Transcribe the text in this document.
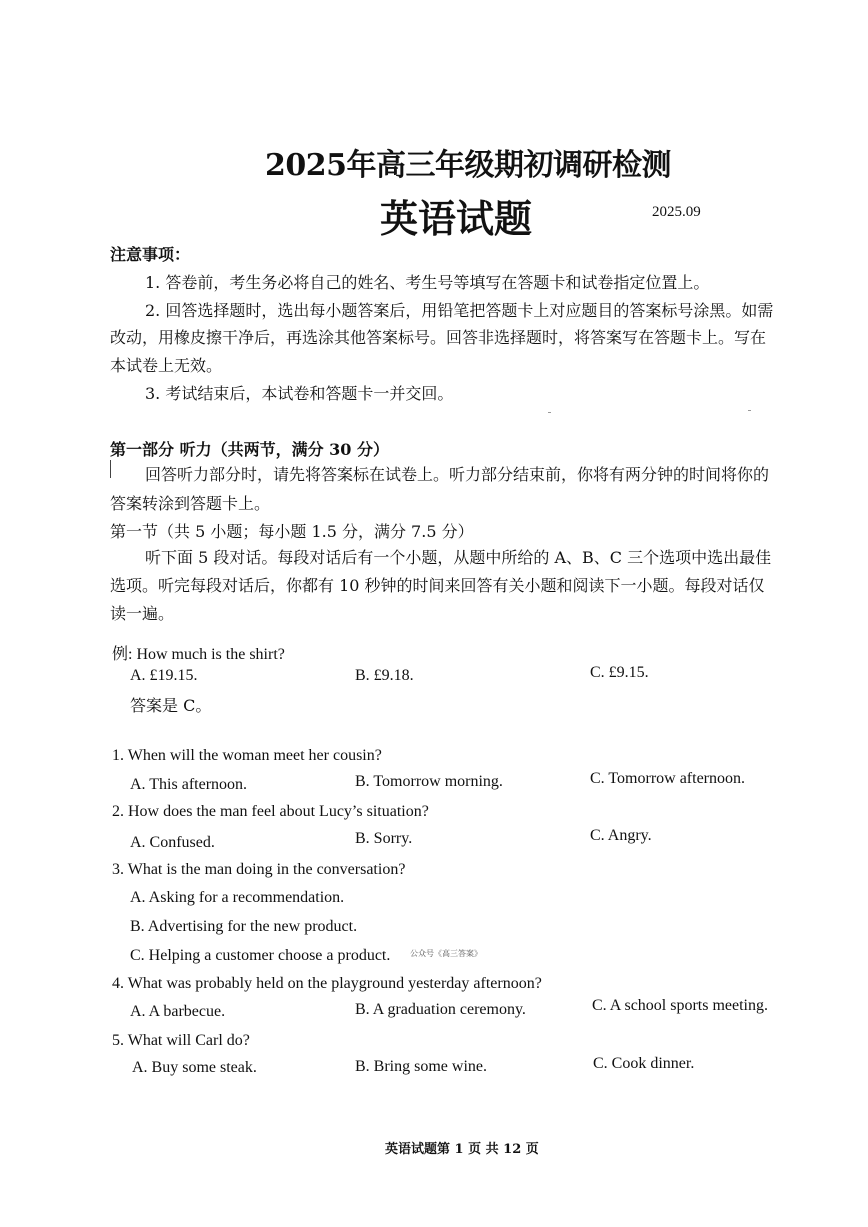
2025年高三年级期初调研检测
英语试题	2025.09
注意事项：
1. 答卷前，考生务必将自己的姓名、考生号等填写在答题卡和试卷指定位置上。
2. 回答选择题时，选出每小题答案后，用铅笔把答题卡上对应题目的答案标号涂黑。如需
改动，用橡皮擦干净后，再选涂其他答案标号。回答非选择题时，将答案写在答题卡上。写在
本试卷上无效。
3. 考试结束后，本试卷和答题卡一并交回。
第一部分 听力（共两节，满分 30 分）
回答听力部分时，请先将答案标在试卷上。听力部分结束前，你将有两分钟的时间将你的
答案转涂到答题卡上。
第一节（共 5 小题；每小题 1.5 分，满分 7.5 分）
听下面 5 段对话。每段对话后有一个小题，从题中所给的 A、B、C 三个选项中选出最佳
选项。听完每段对话后，你都有 10 秒钟的时间来回答有关小题和阅读下一小题。每段对话仅
读一遍。
例: How much is the shirt?
A. £19.15.	B. £9.18.	C. £9.15.
答案是 C。
1. When will the woman meet her cousin?
A. This afternoon.	B. Tomorrow morning.	C. Tomorrow afternoon.
2. How does the man feel about Lucy’s situation?
A. Confused.	B. Sorry.	C. Angry.
3. What is the man doing in the conversation?
A. Asking for a recommendation.
B. Advertising for the new product.
C. Helping a customer choose a product. 公众号《高三答案》
4. What was probably held on the playground yesterday afternoon?
A. A barbecue.	B. A graduation ceremony.	C. A school sports meeting.
5. What will Carl do?
A. Buy some steak.	B. Bring some wine.	C. Cook dinner.
英语试题第 1 页 共 12 页
